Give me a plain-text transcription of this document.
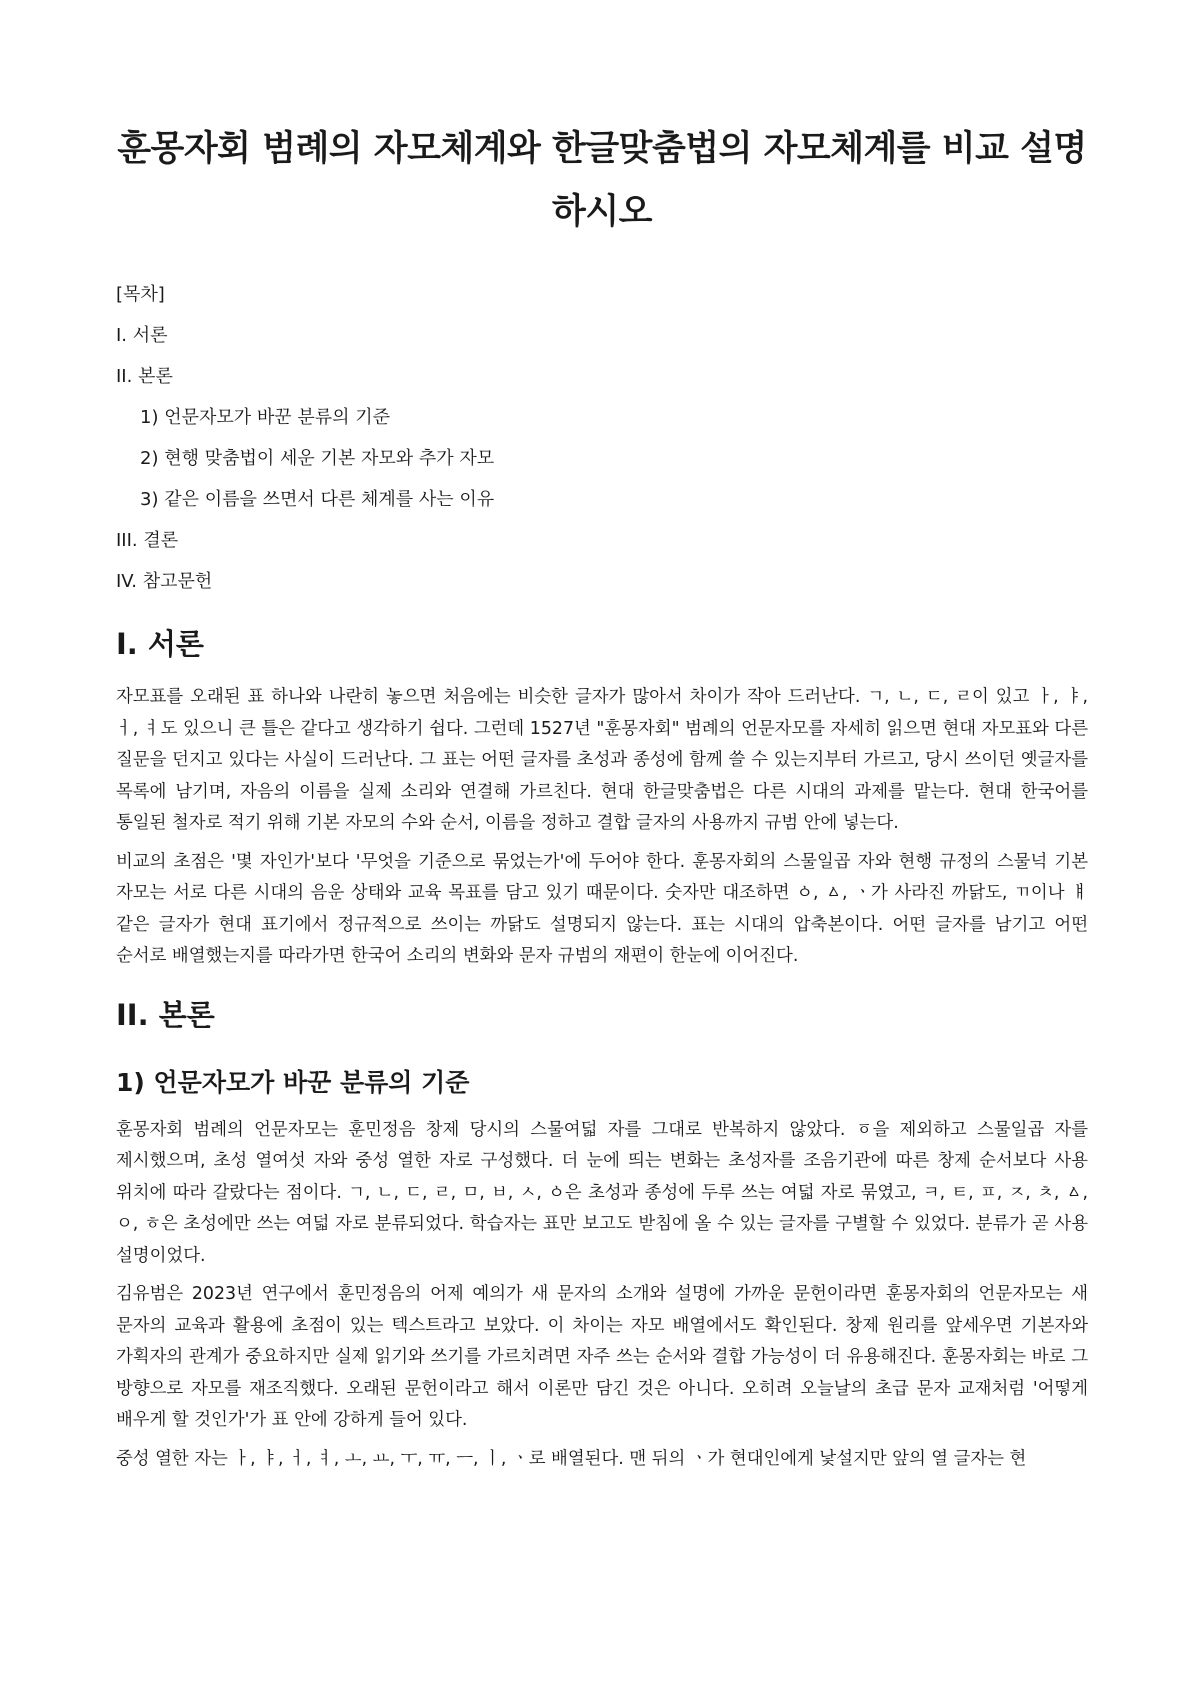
훈몽자회 범례의 자모체계와 한글맞춤법의 자모체계를 비교 설명하시오

[목차]

I. 서론

II. 본론

1) 언문자모가 바꾼 분류의 기준

2) 현행 맞춤법이 세운 기본 자모와 추가 자모

3) 같은 이름을 쓰면서 다른 체계를 사는 이유

III. 결론

IV. 참고문헌

I. 서론

자모표를 오래된 표 하나와 나란히 놓으면 처음에는 비슷한 글자가 많아서 차이가 작아 드러난다. ㄱ, ㄴ, ㄷ, ㄹ이 있고 ㅏ, ㅑ, ㅓ, ㅕ도 있으니 큰 틀은 같다고 생각하기 쉽다. 그런데 1527년 "훈몽자회" 범례의 언문자모를 자세히 읽으면 현대 자모표와 다른 질문을 던지고 있다는 사실이 드러난다. 그 표는 어떤 글자를 초성과 종성에 함께 쓸 수 있는지부터 가르고, 당시 쓰이던 옛글자를 목록에 남기며, 자음의 이름을 실제 소리와 연결해 가르친다. 현대 한글맞춤법은 다른 시대의 과제를 맡는다. 현대 한국어를 통일된 철자로 적기 위해 기본 자모의 수와 순서, 이름을 정하고 결합 글자의 사용까지 규범 안에 넣는다.

비교의 초점은 '몇 자인가'보다 '무엇을 기준으로 묶었는가'에 두어야 한다. 훈몽자회의 스물일곱 자와 현행 규정의 스물넉 기본 자모는 서로 다른 시대의 음운 상태와 교육 목표를 담고 있기 때문이다. 숫자만 대조하면 ㆁ, ㅿ, ㆍ가 사라진 까닭도, ㄲ이나 ㅒ 같은 글자가 현대 표기에서 정규적으로 쓰이는 까닭도 설명되지 않는다. 표는 시대의 압축본이다. 어떤 글자를 남기고 어떤 순서로 배열했는지를 따라가면 한국어 소리의 변화와 문자 규범의 재편이 한눈에 이어진다.

II. 본론
1) 언문자모가 바꾼 분류의 기준

훈몽자회 범례의 언문자모는 훈민정음 창제 당시의 스물여덟 자를 그대로 반복하지 않았다. ㆆ을 제외하고 스물일곱 자를 제시했으며, 초성 열여섯 자와 중성 열한 자로 구성했다. 더 눈에 띄는 변화는 초성자를 조음기관에 따른 창제 순서보다 사용 위치에 따라 갈랐다는 점이다. ㄱ, ㄴ, ㄷ, ㄹ, ㅁ, ㅂ, ㅅ, ㆁ은 초성과 종성에 두루 쓰는 여덟 자로 묶였고, ㅋ, ㅌ, ㅍ, ㅈ, ㅊ, ㅿ, ㅇ, ㅎ은 초성에만 쓰는 여덟 자로 분류되었다. 학습자는 표만 보고도 받침에 올 수 있는 글자를 구별할 수 있었다. 분류가 곧 사용 설명이었다.

김유범은 2023년 연구에서 훈민정음의 어제 예의가 새 문자의 소개와 설명에 가까운 문헌이라면 훈몽자회의 언문자모는 새 문자의 교육과 활용에 초점이 있는 텍스트라고 보았다. 이 차이는 자모 배열에서도 확인된다. 창제 원리를 앞세우면 기본자와 가획자의 관계가 중요하지만 실제 읽기와 쓰기를 가르치려면 자주 쓰는 순서와 결합 가능성이 더 유용해진다. 훈몽자회는 바로 그 방향으로 자모를 재조직했다. 오래된 문헌이라고 해서 이론만 담긴 것은 아니다. 오히려 오늘날의 초급 문자 교재처럼 '어떻게 배우게 할 것인가'가 표 안에 강하게 들어 있다.

중성 열한 자는 ㅏ, ㅑ, ㅓ, ㅕ, ㅗ, ㅛ, ㅜ, ㅠ, ㅡ, ㅣ, ㆍ로 배열된다. 맨 뒤의 ㆍ가 현대인에게 낯설지만 앞의 열 글자는 현
